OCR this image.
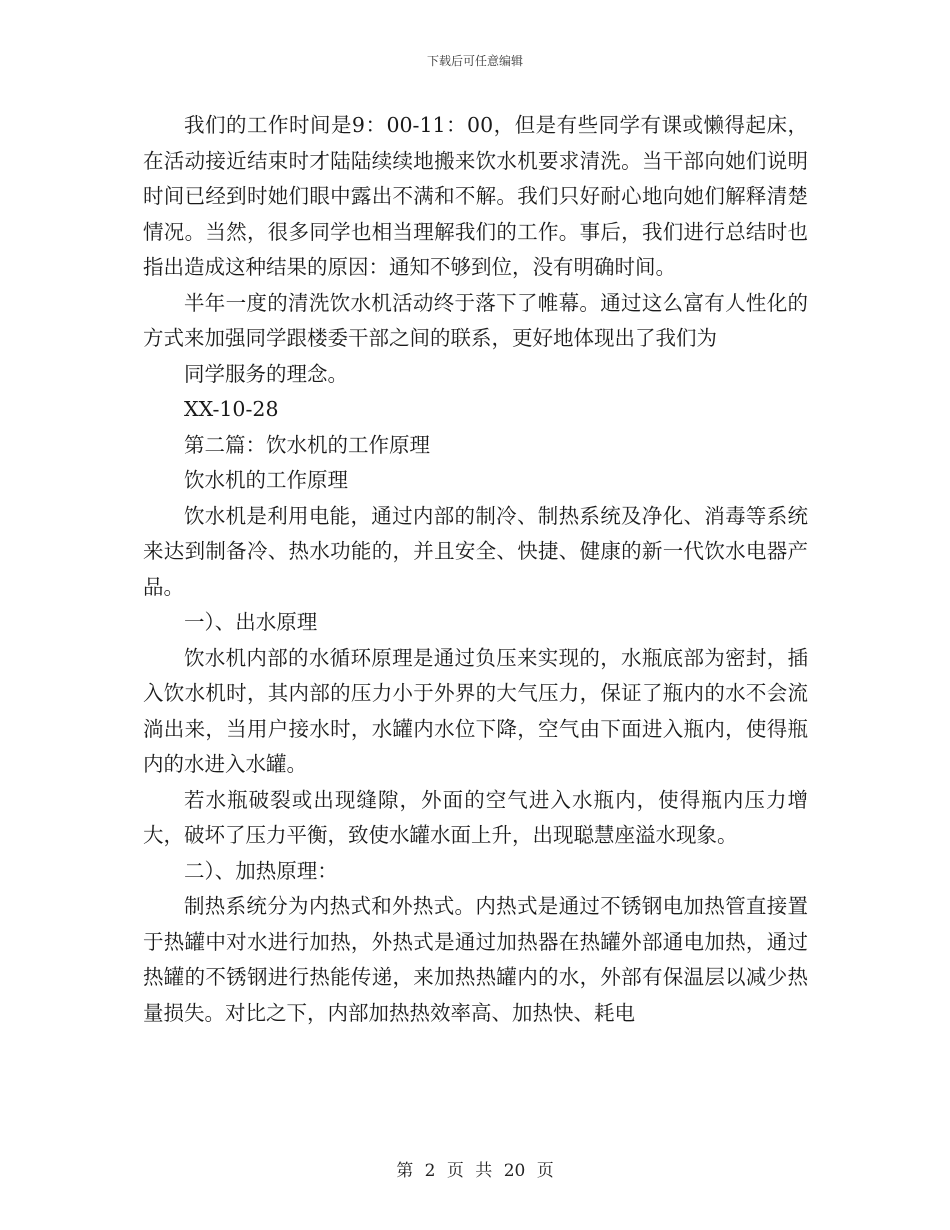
下载后可任意编辑

我们的工作时间是9：00-11：00，但是有些同学有课或懒得起床，在活动接近结束时才陆陆续续地搬来饮水机要求清洗。当干部向她们说明时间已经到时她们眼中露出不满和不解。我们只好耐心地向她们解释清楚情况。当然，很多同学也相当理解我们的工作。事后，我们进行总结时也指出造成这种结果的原因：通知不够到位，没有明确时间。

半年一度的清洗饮水机活动终于落下了帷幕。通过这么富有人性化的方式来加强同学跟楼委干部之间的联系，更好地体现出了我们为

同学服务的理念。

XX-10-28

第二篇：饮水机的工作原理

饮水机的工作原理

饮水机是利用电能，通过内部的制冷、制热系统及净化、消毒等系统来达到制备冷、热水功能的，并且安全、快捷、健康的新一代饮水电器产品。

一）、出水原理

饮水机内部的水循环原理是通过负压来实现的，水瓶底部为密封，插入饮水机时，其内部的压力小于外界的大气压力，保证了瓶内的水不会流淌出来，当用户接水时，水罐内水位下降，空气由下面进入瓶内，使得瓶内的水进入水罐。

若水瓶破裂或出现缝隙，外面的空气进入水瓶内，使得瓶内压力增大，破坏了压力平衡，致使水罐水面上升，出现聪慧座溢水现象。

二）、加热原理：

制热系统分为内热式和外热式。内热式是通过不锈钢电加热管直接置于热罐中对水进行加热，外热式是通过加热器在热罐外部通电加热，通过热罐的不锈钢进行热能传递，来加热热罐内的水，外部有保温层以减少热量损失。对比之下，内部加热热效率高、加热快、耗电

第 2 页 共 20 页
